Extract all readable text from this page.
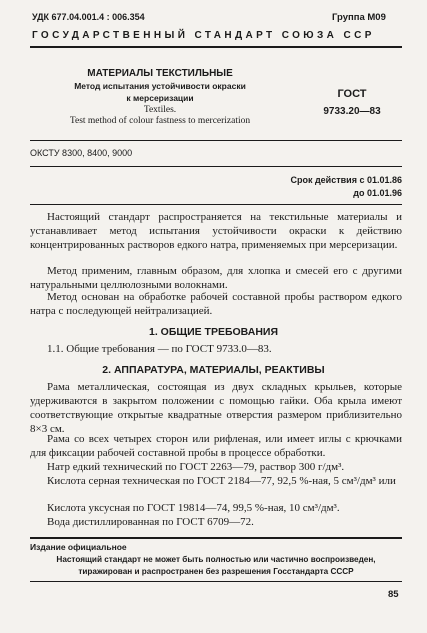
УДК 677.04.001.4 : 006.354	Группа М09
ГОСУДАРСТВЕННЫЙ СТАНДАРТ СОЮЗА ССР
МАТЕРИАЛЫ ТЕКСТИЛЬНЫЕ
Метод испытания устойчивости окраски
к мерсеризации
Textiles.
Test method of colour fastness to mercerization
ГОСТ
9733.20—83
ОКСТУ 8300, 8400, 9000
Срок действия с 01.01.86
до 01.01.96

Настоящий стандарт распространяется на текстильные материалы и устанавливает метод испытания устойчивости окраски к действию концентрированных растворов едкого натра, применяемых при мерсеризации.

Метод применим, главным образом, для хлопка и смесей его с другими натуральными целлюлозными волокнами.

Метод основан на обработке рабочей составной пробы раствором едкого натра с последующей нейтрализацией.

1. ОБЩИЕ ТРЕБОВАНИЯ

1.1. Общие требования — по ГОСТ 9733.0—83.

2. АППАРАТУРА, МАТЕРИАЛЫ, РЕАКТИВЫ

Рама металлическая, состоящая из двух складных крыльев, которые удерживаются в закрытом положении с помощью гайки. Оба крыла имеют соответствующие открытые квадратные отверстия размером приблизительно 8×3 см.

Рама со всех четырех сторон или рифленая, или имеет иглы с крючками для фиксации рабочей составной пробы в процессе обработки.

Натр едкий технический по ГОСТ 2263—79, раствор 300 г/дм³.

Кислота серная техническая по ГОСТ 2184—77, 92,5 %-ная, 5 см³/дм³ или

Кислота уксусная по ГОСТ 19814—74, 99,5 %-ная, 10 см³/дм³.

Вода дистиллированная по ГОСТ 6709—72.

Издание официальное
Настоящий стандарт не может быть полностью или частично воспроизведен,
тиражирован и распространен без разрешения Госстандарта СССР
85
